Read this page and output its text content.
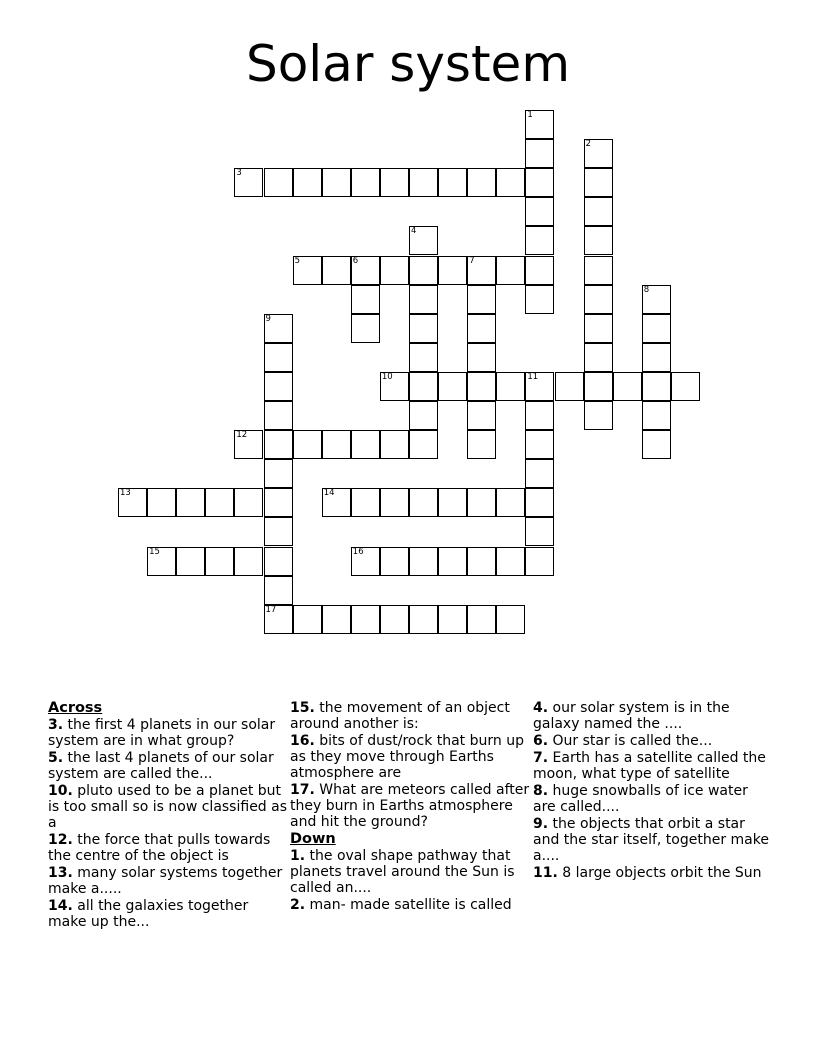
Solar system
1
2
3
4
5	6	7
8
9
17
10	11
12
13	14
15	16
Across
3. the first 4 planets in our solar system are in what group?
5. the last 4 planets of our solar system are called the...
10. pluto used to be a planet but is too small so is now classified as a
12. the force that pulls towards the centre of the object is
13. many solar systems together make a.....
14. all the galaxies together make up the...
15. the movement of an object around another is:
16. bits of dust/rock that burn up as they move through Earths atmosphere are
17. What are meteors called after they burn in Earths atmosphere and hit the ground?
Down
1. the oval shape pathway that planets travel around the Sun is called an....
2. man- made satellite is called
4. our solar system is in the galaxy named the ....
6. Our star is called the...
7. Earth has a satellite called the moon, what type of satellite
8. huge snowballs of ice water are called....
9. the objects that orbit a star and the star itself, together make a....
11. 8 large objects orbit the Sun
